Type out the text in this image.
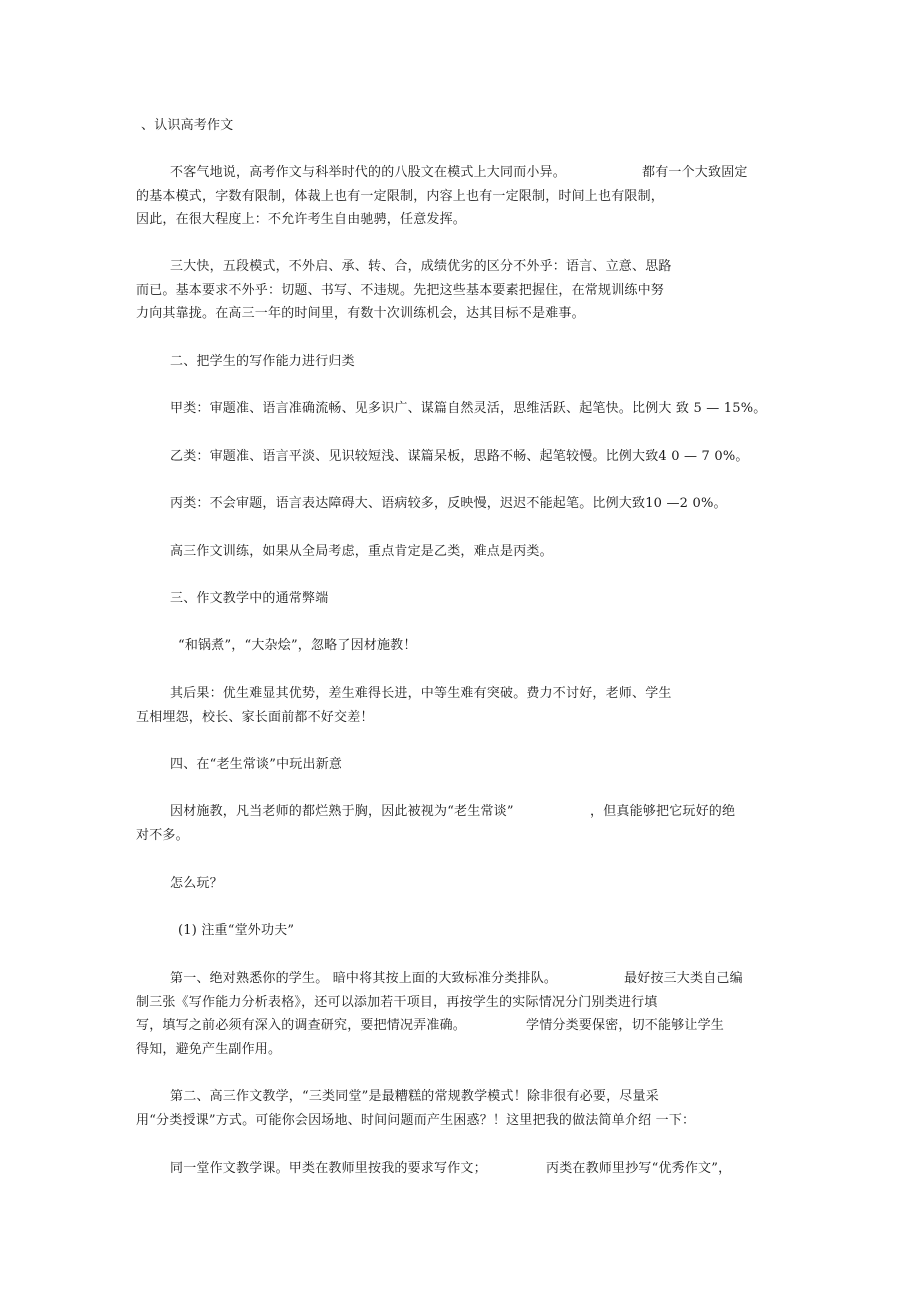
、认识高考作文
不客气地说，高考作文与科举时代的的八股文在模式上大同而小异。	都有一个大致固定
的基本模式，字数有限制，体裁上也有一定限制，内容上也有一定限制，时间上也有限制，
因此，在很大程度上：不允许考生自由驰骋，任意发挥。
三大快，五段模式，不外启、承、转、合，成绩优劣的区分不外乎：语言、立意、思路
而已。基本要求不外乎：切题、书写、不违规。先把这些基本要素把握住，在常规训练中努
力向其靠拢。在高三一年的时间里，有数十次训练机会，达其目标不是难事。
二、把学生的写作能力进行归类
甲类：审题准、语言准确流畅、见多识广、谋篇自然灵活，思维活跃、起笔快。比例大 致 5 — 15%。
乙类：审题准、语言平淡、见识较短浅、谋篇呆板，思路不畅、起笔较慢。比例大致4 0 — 7 0%。
丙类：不会审题，语言表达障碍大、语病较多，反映慢，迟迟不能起笔。比例大致10 —2 0%。
高三作文训练，如果从全局考虑，重点肯定是乙类，难点是丙类。
三、作文教学中的通常弊端
“和锅煮”，“大杂烩”，忽略了因材施教！
其后果：优生难显其优势，差生难得长进，中等生难有突破。费力不讨好，老师、学生
互相埋怨，校长、家长面前都不好交差！
四、在“老生常谈”中玩出新意
因材施教，凡当老师的都烂熟于胸，因此被视为“老生常谈”	，但真能够把它玩好的绝
对不多。
怎么玩？
(1) 注重“堂外功夫”
第一、绝对熟悉你的学生。 暗中将其按上面的大致标准分类排队。	最好按三大类自己编
制三张《写作能力分析表格》，还可以添加若干项目，再按学生的实际情况分门别类进行填
写，填写之前必须有深入的调查研究，要把情况弄准确。	学情分类要保密，切不能够让学生
得知，避免产生副作用。
第二、高三作文教学，“三类同堂”是最糟糕的常规教学模式！除非很有必要，尽量采
用“分类授课”方式。可能你会因场地、时间问题而产生困惑？！这里把我的做法简单介绍 一下：
同一堂作文教学课。甲类在教师里按我的要求写作文；	丙类在教师里抄写“优秀作文”，
